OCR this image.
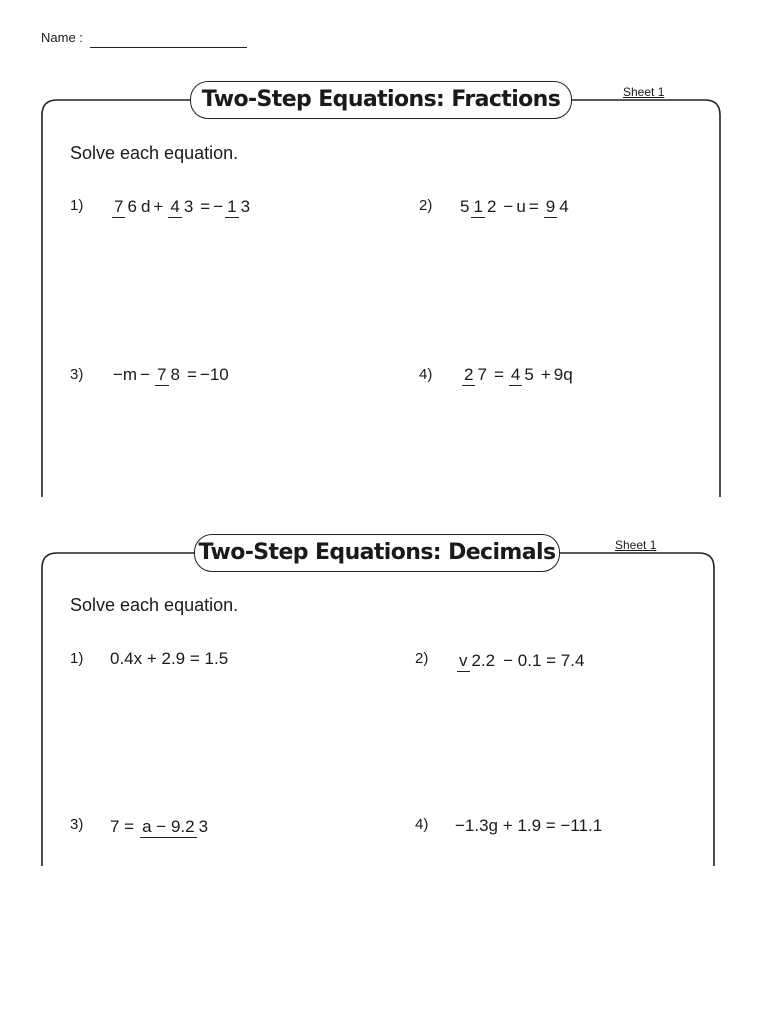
Name :
Two-Step Equations: Fractions	Sheet 1
Solve each equation.
1) 7 6 d + 4 3 = − 1 3	2) 5 1 2 − u = 9 4
3) −m − 7 8 = −10	4) 2 7 = 4 5 + 9q
Two-Step Equations: Decimals	Sheet 1
Solve each equation.
1) 0.4x + 2.9 = 1.5	2) v 2.2 − 0.1 = 7.4
3) 7 = a − 9.2 3	4) −1.3g + 1.9 = −11.1
